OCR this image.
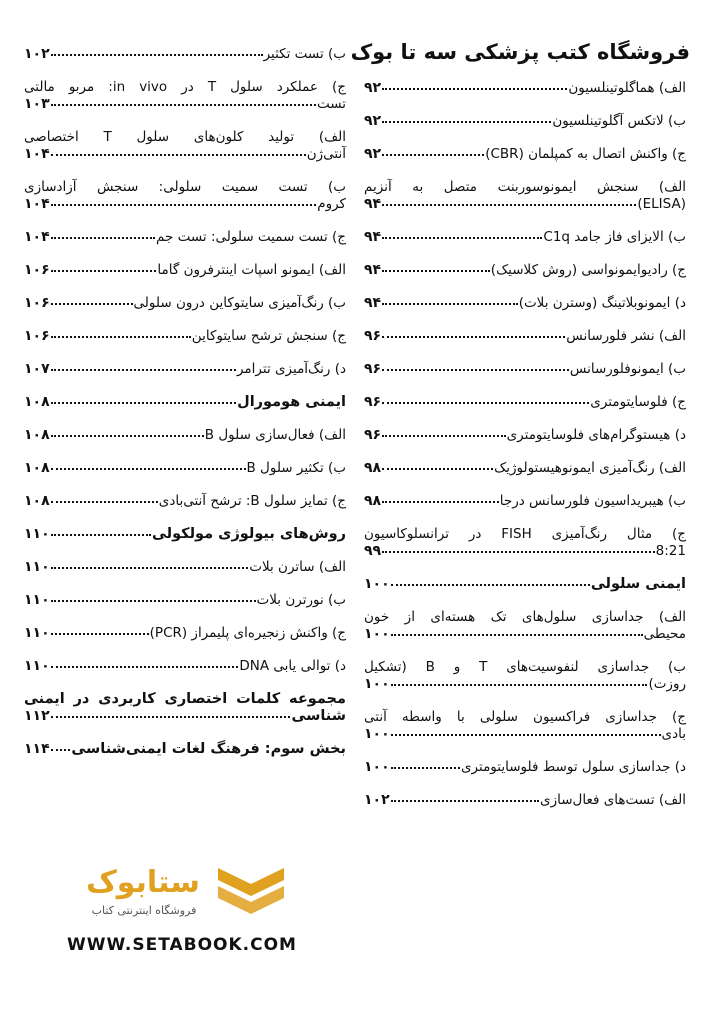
فروشگاه کتب پزشکی سه تا بوک
الف) هماگلوتینلسیون
۹۲
ب) لاتکس آگلوتینلسیون
۹۲
ج) واکنش اتصال به کمپلمان (CBR)
۹۲
الف) سنجش ایمونوسوربنت متصل به آنزیم
(ELISA)
۹۴
ب) الایزای فاز جامد C1q
۹۴
ج) رادیوایمونواسی (روش کلاسیک)
۹۴
د) ایمونوبلاتینگ (وسترن بلات)
۹۴
الف) نشر فلورسانس
۹۶
ب) ایمونوفلورسانس
۹۶
ج) فلوسایتومتری
۹۶
د) هیستوگرام‌های فلوسایتومتری
۹۶
الف) رنگ‌آمیزی ایمونوهیستولوژیک
۹۸
ب) هیبریداسیون فلورسانس درجا
۹۸
ج) مثال رنگ‌آمیزی FISH در ترانسلوکاسیون
8:21
۹۹
ایمنی سلولی
۱۰۰
الف) جداسازی سلول‌های تک هسته‌ای از خون
محیطی
۱۰۰
ب) جداسازی لنفوسیت‌های T و B (تشکیل
روزت)
۱۰۰
ج) جداسازی فراکسیون سلولی با واسطه آنتی
بادی
۱۰۰
د) جداسازی سلول توسط فلوسایتومتری
۱۰۰
الف) تست‌های فعال‌سازی
۱۰۲
ب) تست تکثیر
۱۰۲
ج) عملکرد سلول T در in vivo: مربو مالتی
تست
۱۰۳
الف) تولید کلون‌های سلول T اختصاصی
آنتی‌ژن
۱۰۴
ب) تست سمیت سلولی: سنجش آزادسازی
کروم
۱۰۴
ج) تست سمیت سلولی: تست جم
۱۰۴
الف) ایمونو اسپات اینترفرون گاما
۱۰۶
ب) رنگ‌آمیزی سایتوکاین درون سلولی
۱۰۶
ج) سنجش ترشح سایتوکاین
۱۰۶
د) رنگ‌آمیزی تترامر
۱۰۷
ایمنی هومورال
۱۰۸
الف) فعال‌سازی سلول B
۱۰۸
ب) تکثیر سلول B
۱۰۸
ج) تمایز سلول B: ترشح آنتی‌بادی
۱۰۸
روش‌های بیولوژی مولکولی
۱۱۰
الف) ساترن بلات
۱۱۰
ب) نورترن بلات
۱۱۰
ج) واکنش زنجیره‌ای پلیمراز (PCR)
۱۱۰
د) توالی یابی DNA
۱۱۰
مجموعه کلمات اختصاری کاربردی در ایمنی
شناسی
۱۱۲
بخش سوم: فرهنگ لغات ایمنی‌شناسی
۱۱۴
ستابوک
فروشگاه اینترنتی کتاب
WWW.SETABOOK.COM
